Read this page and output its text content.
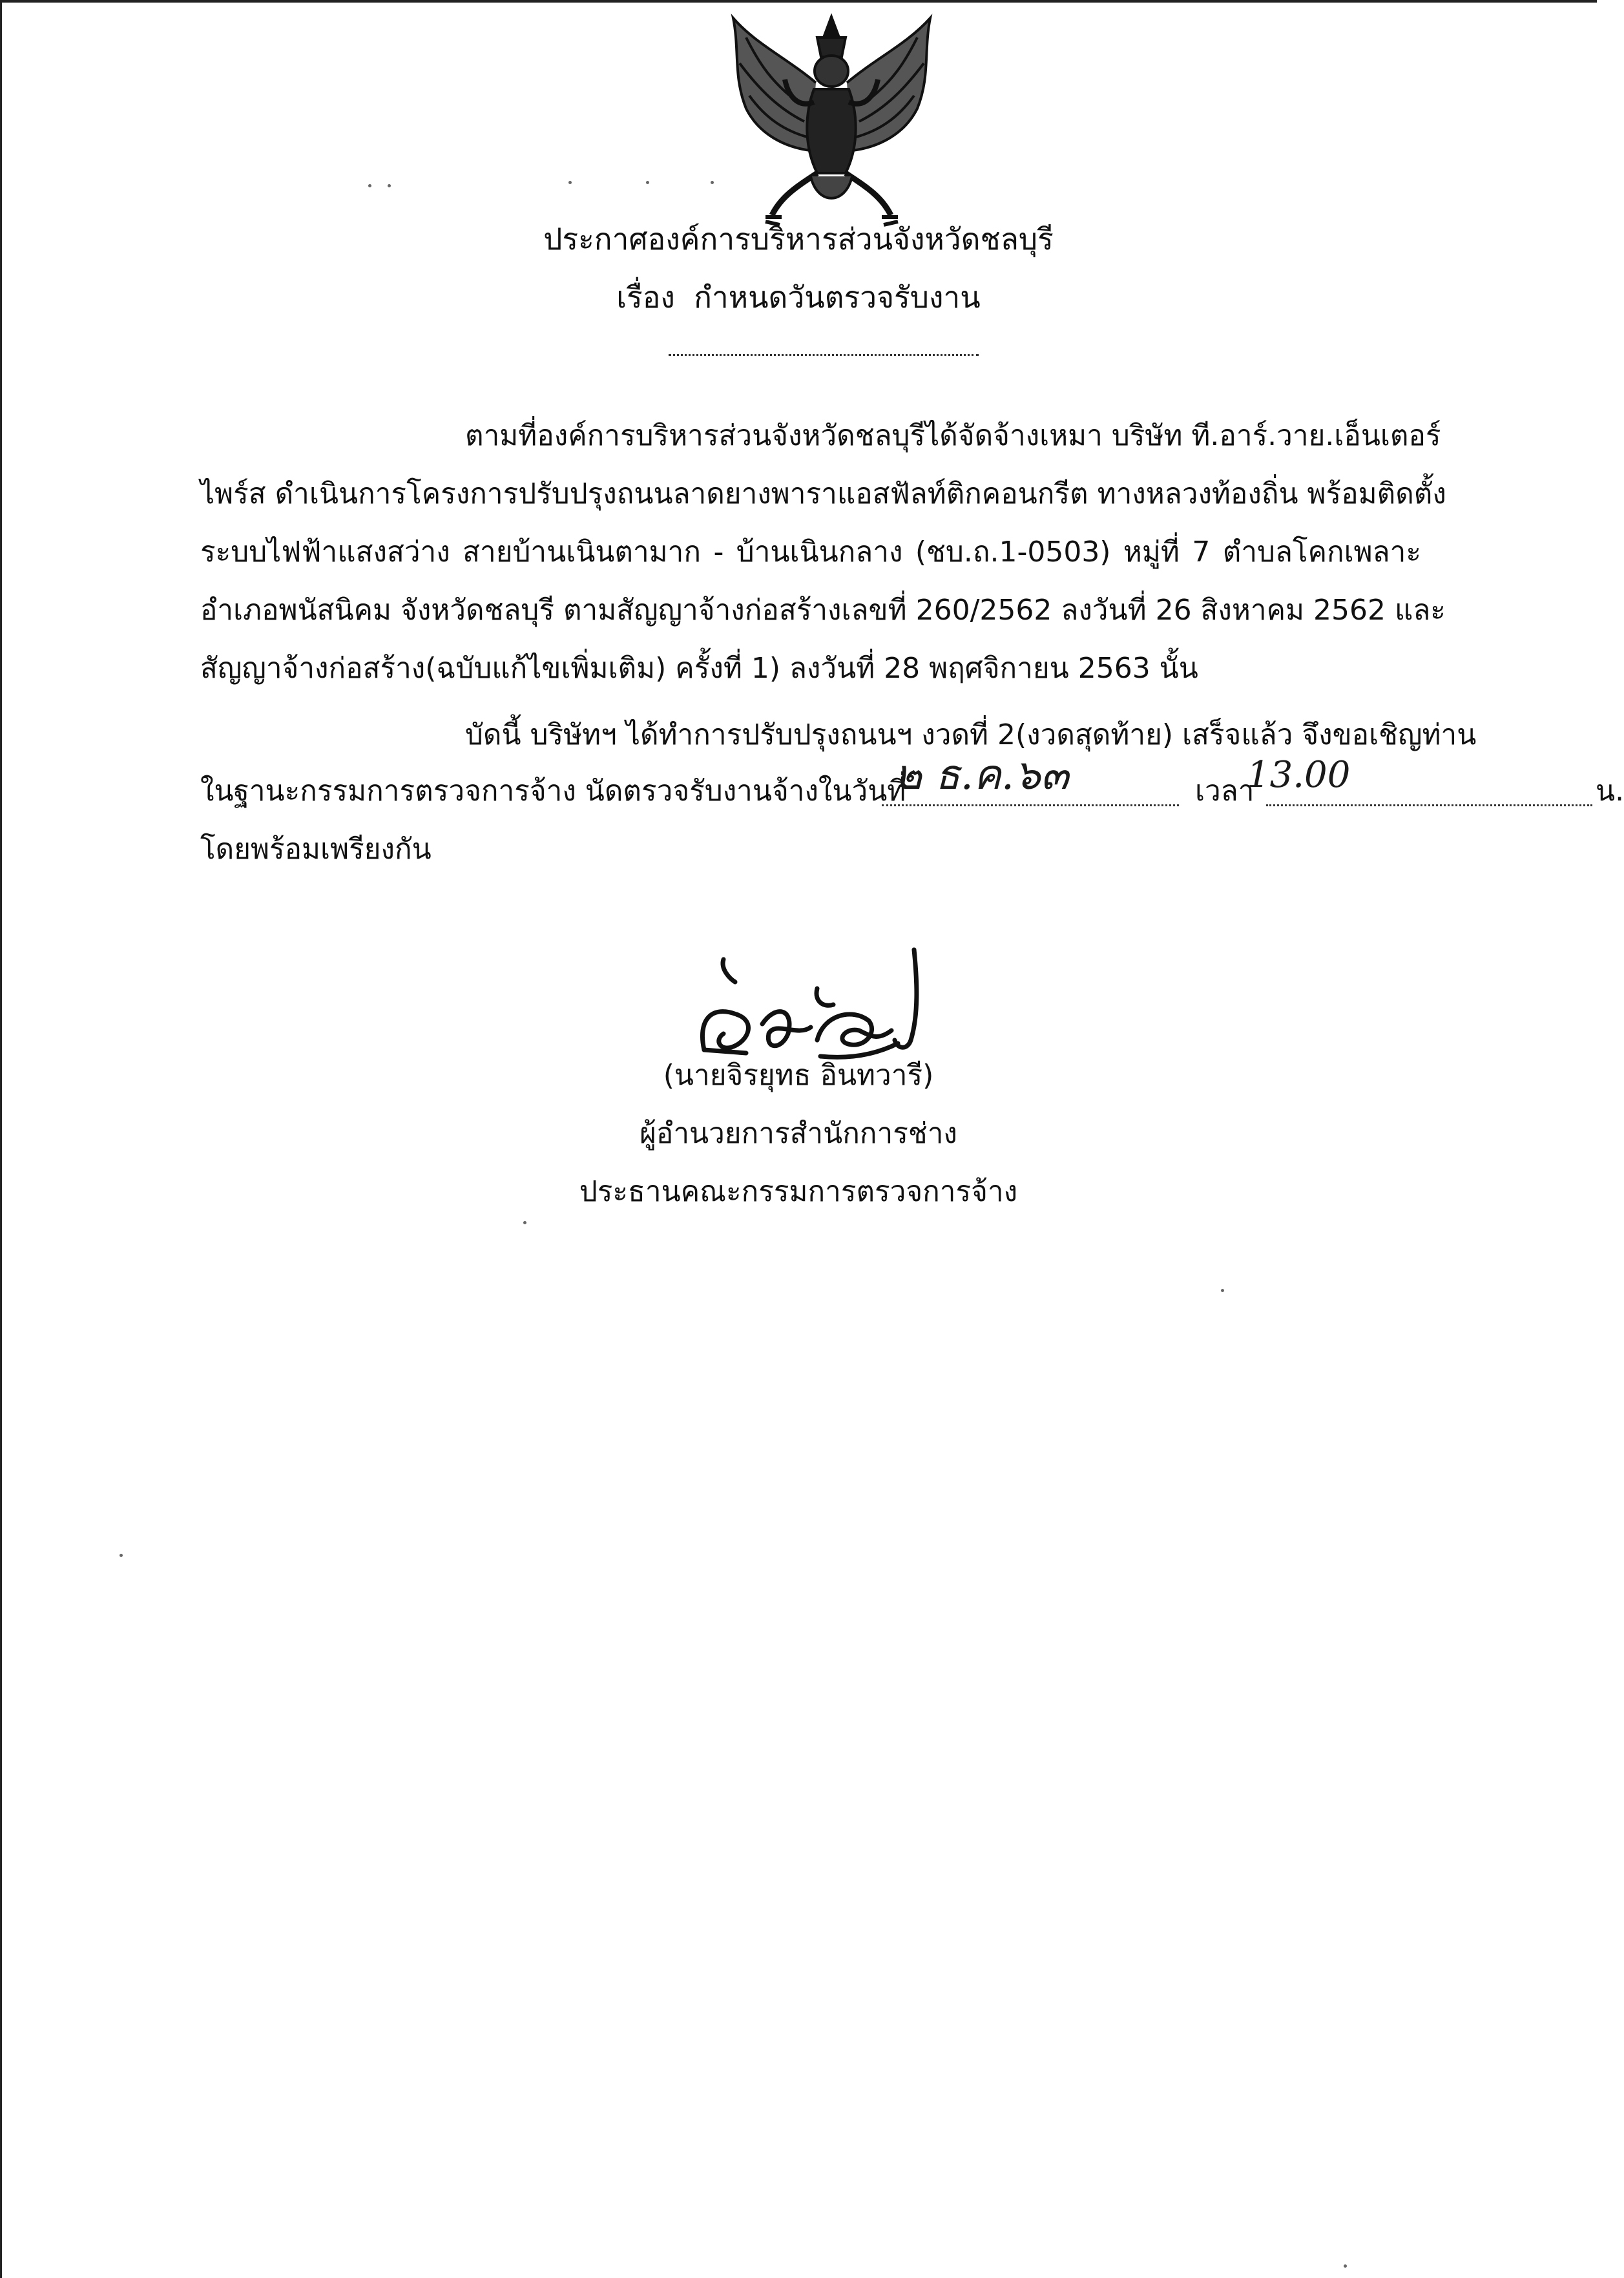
ประกาศองค์การบริหารส่วนจังหวัดชลบุรี
เรื่อง กำหนดวันตรวจรับงาน
ตามที่องค์การบริหารส่วนจังหวัดชลบุรีได้จัดจ้างเหมา บริษัท ที.อาร์.วาย.เอ็นเตอร์
ไพร์ส ดำเนินการโครงการปรับปรุงถนนลาดยางพาราแอสฟัลท์ติกคอนกรีต ทางหลวงท้องถิ่น พร้อมติดตั้ง
ระบบไฟฟ้าแสงสว่าง สายบ้านเนินตามาก - บ้านเนินกลาง (ชบ.ถ.1-0503) หมู่ที่ 7 ตำบลโคกเพลาะ
อำเภอพนัสนิคม จังหวัดชลบุรี ตามสัญญาจ้างก่อสร้างเลขที่ 260/2562 ลงวันที่ 26 สิงหาคม 2562 และ
สัญญาจ้างก่อสร้าง(ฉบับแก้ไขเพิ่มเติม) ครั้งที่ 1) ลงวันที่ 28 พฤศจิกายน 2563 นั้น
บัดนี้ บริษัทฯ ได้ทำการปรับปรุงถนนฯ งวดที่ 2(งวดสุดท้าย) เสร็จแล้ว จึงขอเชิญท่าน
ในฐานะกรรมการตรวจการจ้าง นัดตรวจรับงานจ้างในวันที่	เวลา	น.
๒ ธ.ค.๖๓	13.00
โดยพร้อมเพรียงกัน
(นายจิรยุทธ อินทวารี)
ผู้อำนวยการสำนักการช่าง
ประธานคณะกรรมการตรวจการจ้าง
